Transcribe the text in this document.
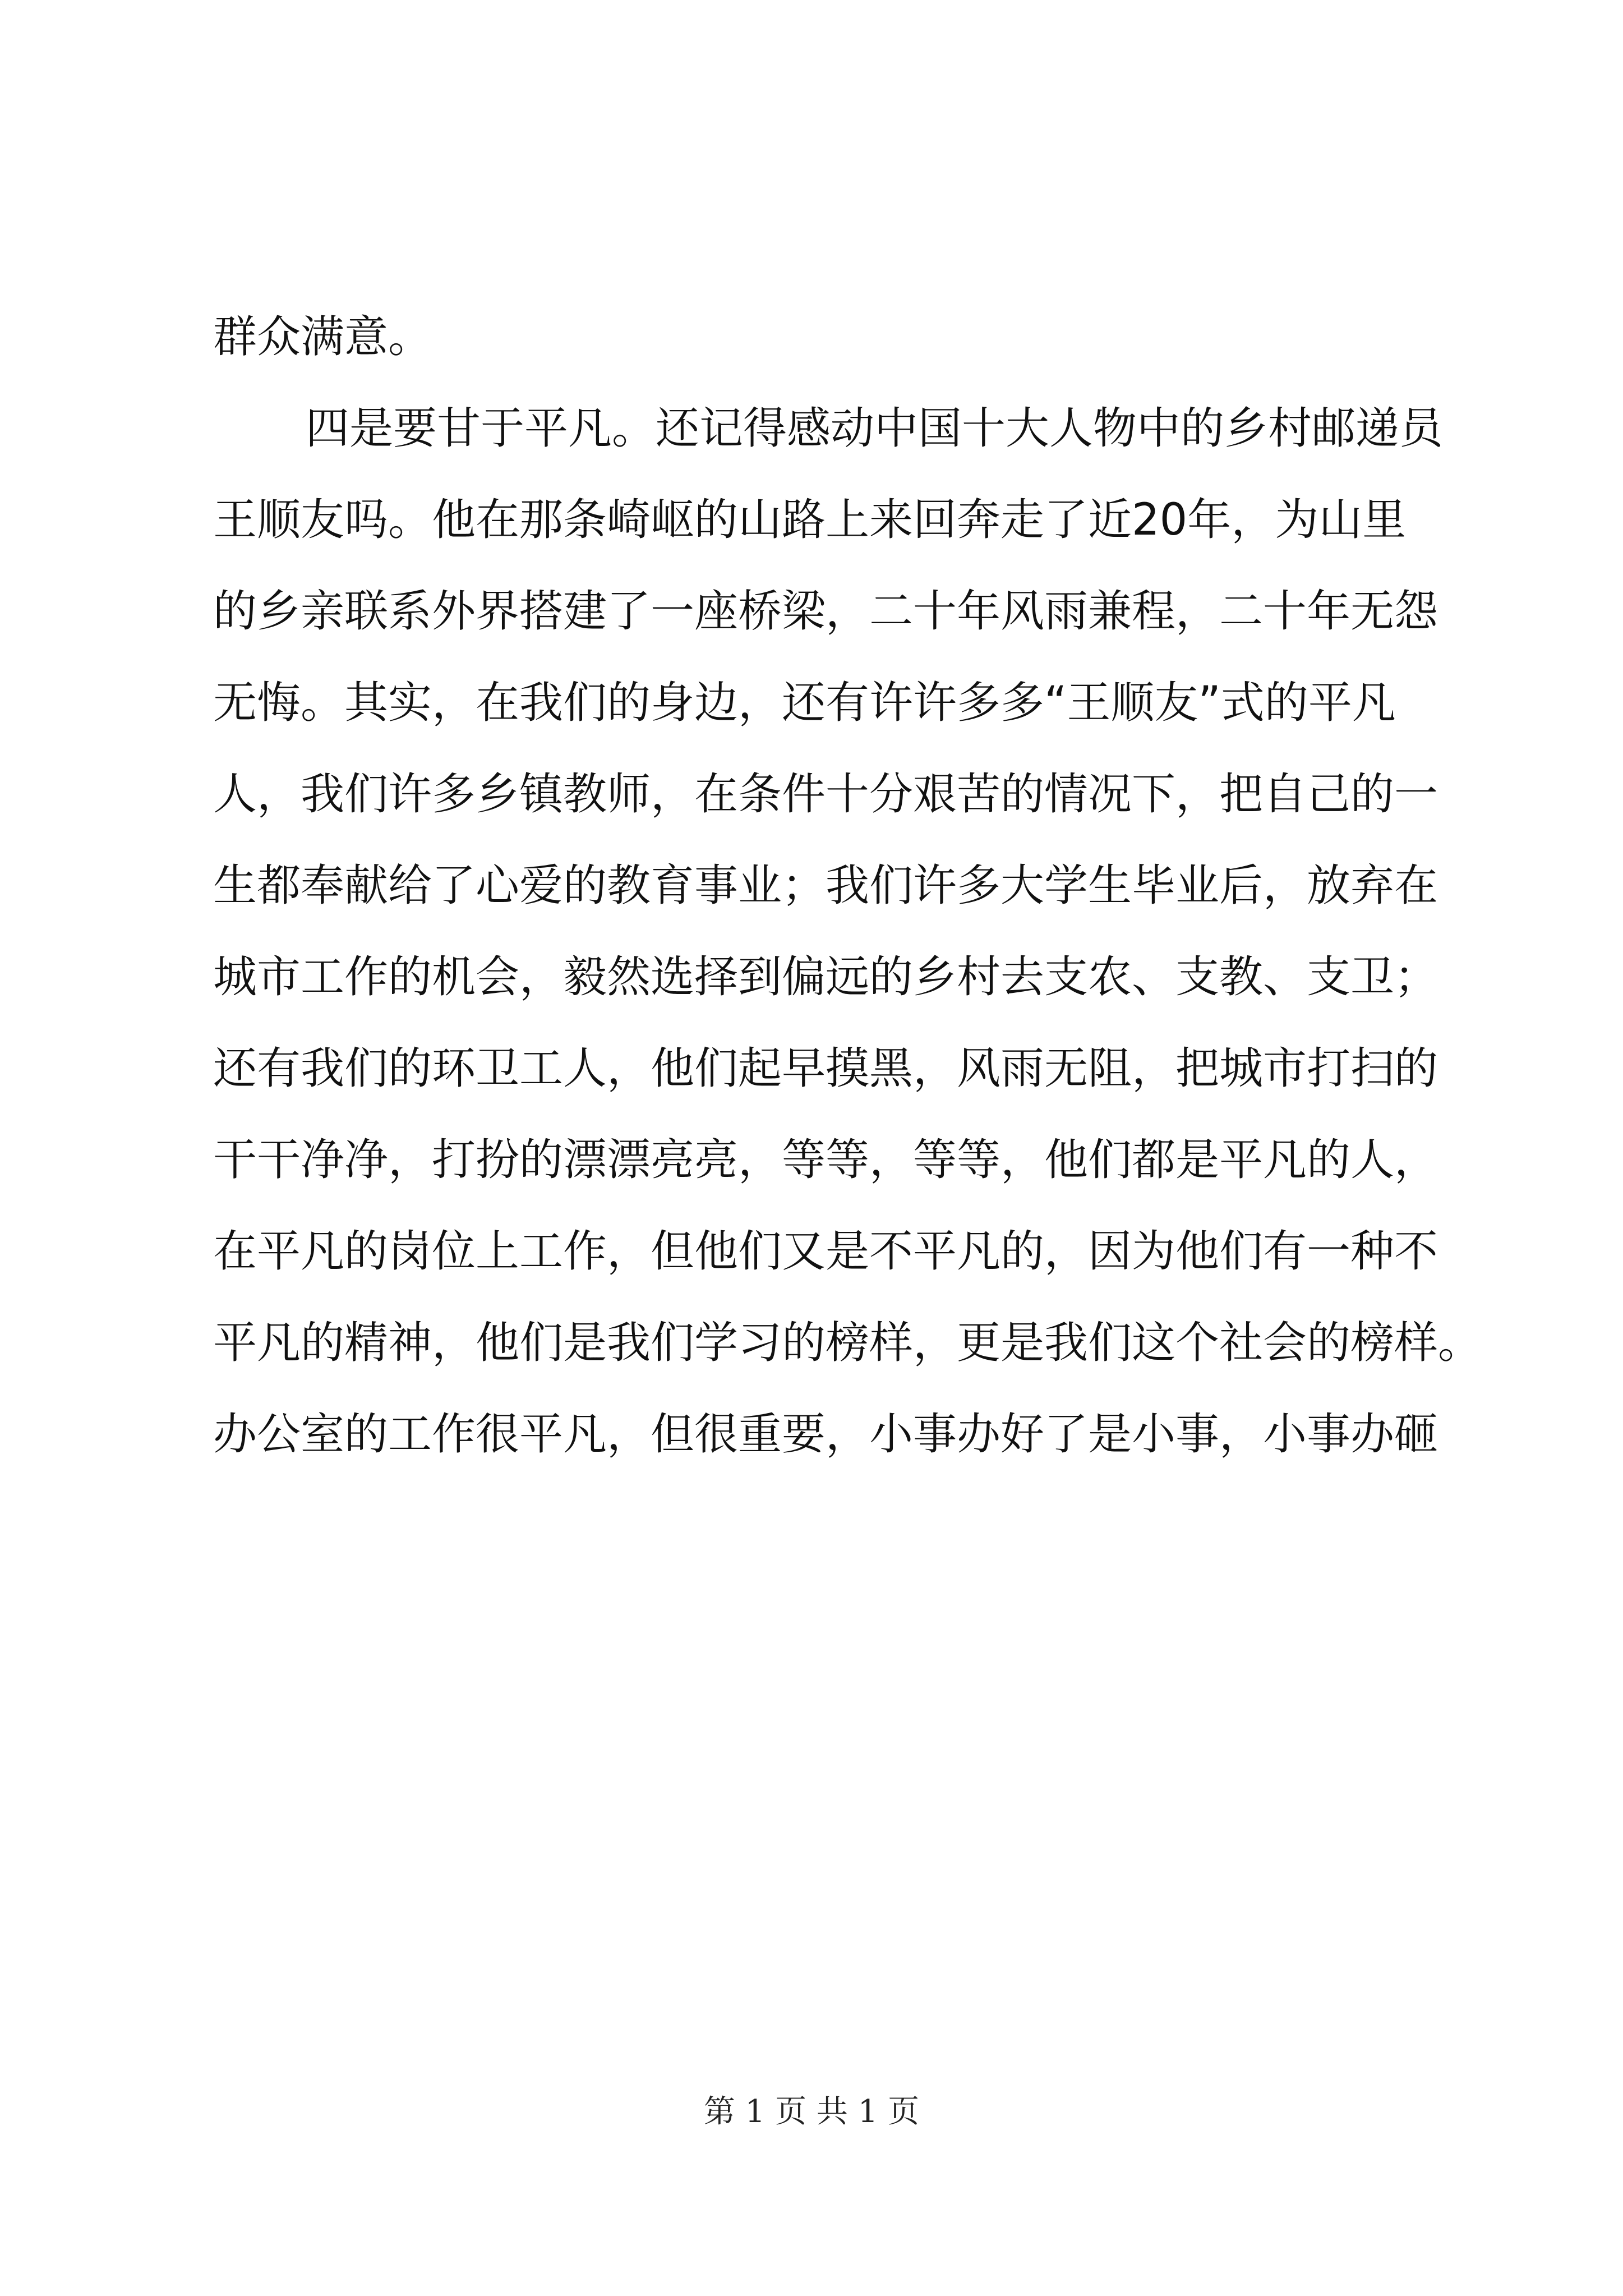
群众满意。
四是要甘于平凡。还记得感动中国十大人物中的乡村邮递员
王顺友吗。他在那条崎岖的山路上来回奔走了近20年，为山里
的乡亲联系外界搭建了一座桥梁，二十年风雨兼程，二十年无怨
无悔。其实，在我们的身边，还有许许多多“王顺友”式的平凡
人，我们许多乡镇教师，在条件十分艰苦的情况下，把自己的一
生都奉献给了心爱的教育事业；我们许多大学生毕业后，放弃在
城市工作的机会，毅然选择到偏远的乡村去支农、支教、支卫；
还有我们的环卫工人，他们起早摸黑，风雨无阻，把城市打扫的
干干净净，打扮的漂漂亮亮，等等，等等，他们都是平凡的人，
在平凡的岗位上工作，但他们又是不平凡的，因为他们有一种不
平凡的精神，他们是我们学习的榜样，更是我们这个社会的榜样。
办公室的工作很平凡，但很重要，小事办好了是小事，小事办砸
第 1 页 共 1 页
